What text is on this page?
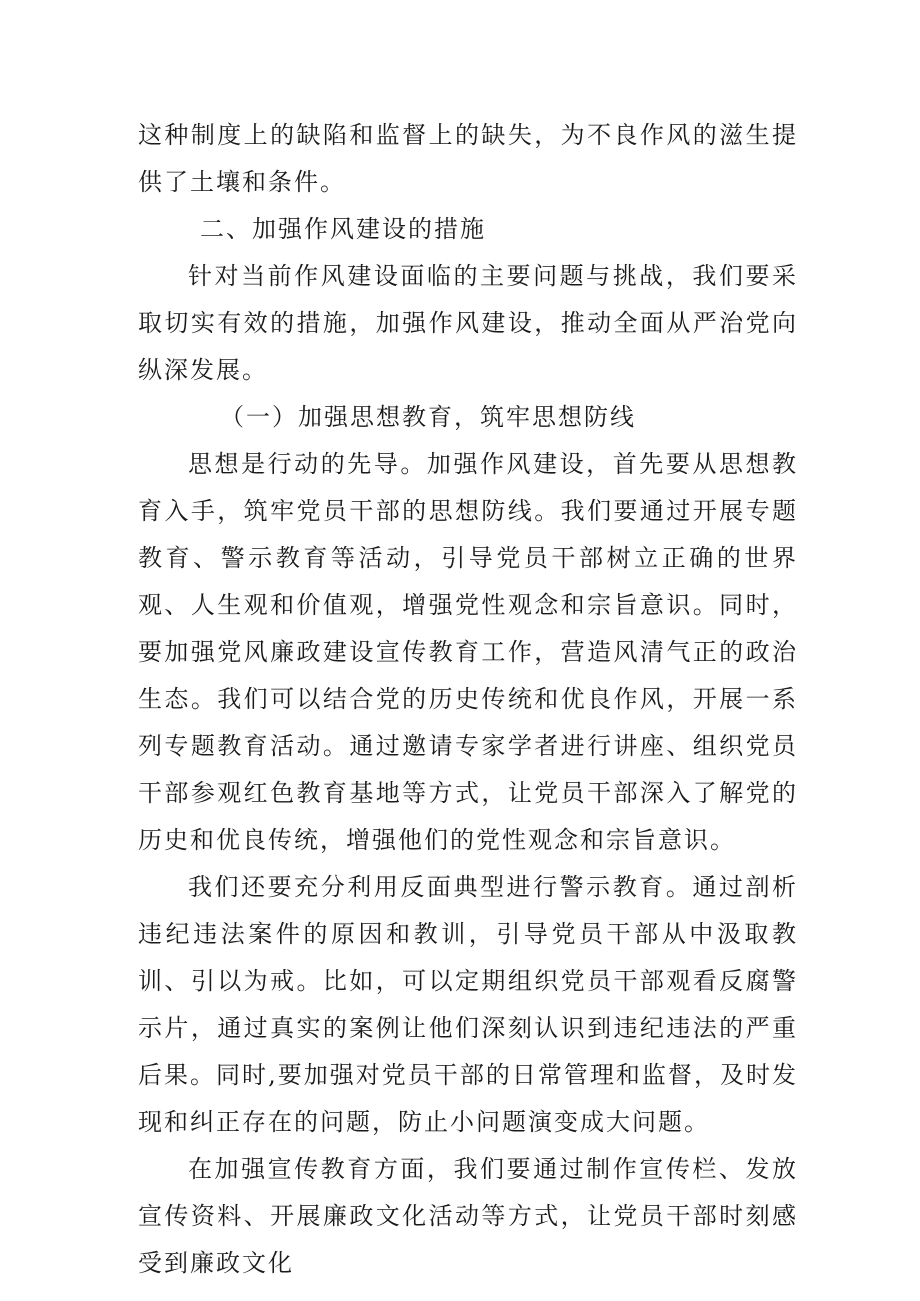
这种制度上的缺陷和监督上的缺失，为不良作风的滋生提供了土壤和条件。

二、加强作风建设的措施

针对当前作风建设面临的主要问题与挑战，我们要采取切实有效的措施，加强作风建设，推动全面从严治党向纵深发展。

（一）加强思想教育，筑牢思想防线

思想是行动的先导。加强作风建设，首先要从思想教育入手，筑牢党员干部的思想防线。我们要通过开展专题教育、警示教育等活动，引导党员干部树立正确的世界观、人生观和价值观，增强党性观念和宗旨意识。同时，要加强党风廉政建设宣传教育工作，营造风清气正的政治生态。我们可以结合党的历史传统和优良作风，开展一系列专题教育活动。通过邀请专家学者进行讲座、组织党员干部参观红色教育基地等方式，让党员干部深入了解党的历史和优良传统，增强他们的党性观念和宗旨意识。

我们还要充分利用反面典型进行警示教育。通过剖析违纪违法案件的原因和教训，引导党员干部从中汲取教训、引以为戒。比如，可以定期组织党员干部观看反腐警示片，通过真实的案例让他们深刻认识到违纪违法的严重后果。同时,要加强对党员干部的日常管理和监督，及时发现和纠正存在的问题，防止小问题演变成大问题。

在加强宣传教育方面，我们要通过制作宣传栏、发放宣传资料、开展廉政文化活动等方式，让党员干部时刻感受到廉政文化
